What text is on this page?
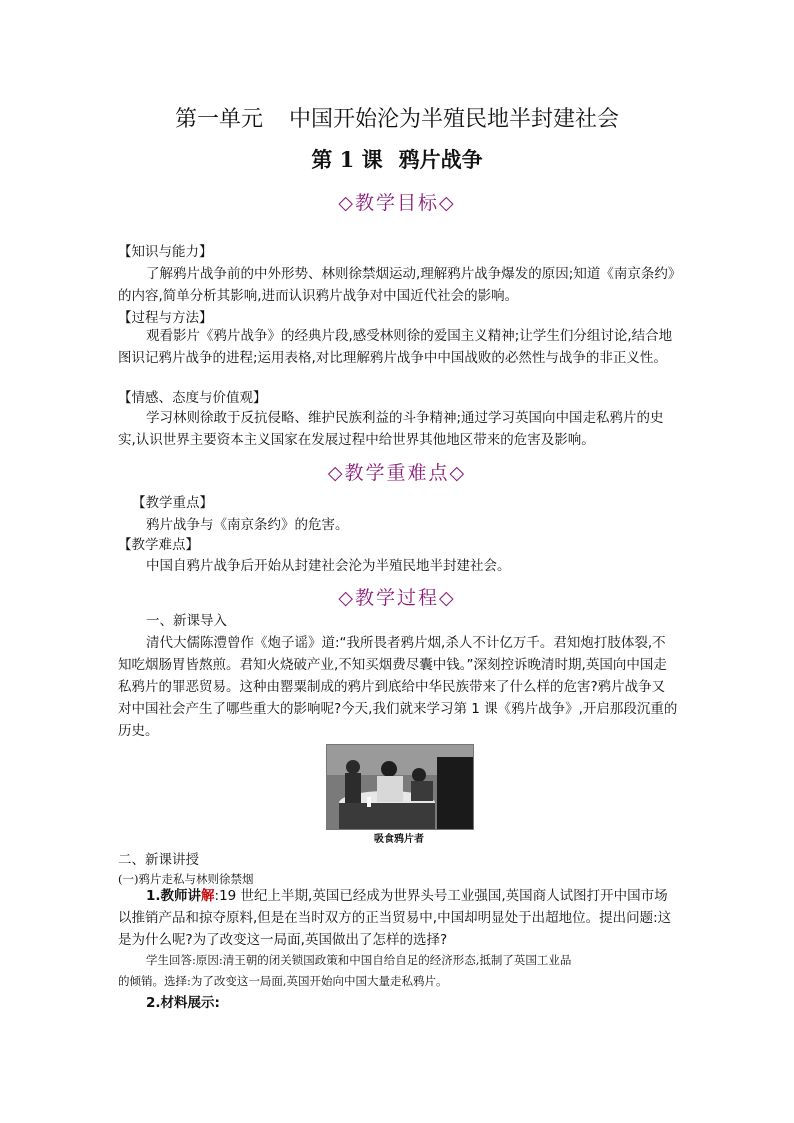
第一单元 中国开始沦为半殖民地半封建社会
第 1 课 鸦片战争
◇教学目标◇
【知识与能力】
了解鸦片战争前的中外形势、林则徐禁烟运动,理解鸦片战争爆发的原因;知道《南京条约》的内容,简单分析其影响,进而认识鸦片战争对中国近代社会的影响。
【过程与方法】
观看影片《鸦片战争》的经典片段,感受林则徐的爱国主义精神;让学生们分组讨论,结合地图识记鸦片战争的进程;运用表格,对比理解鸦片战争中中国战败的必然性与战争的非正义性。
【情感、态度与价值观】
学习林则徐敢于反抗侵略、维护民族利益的斗争精神;通过学习英国向中国走私鸦片的史实,认识世界主要资本主义国家在发展过程中给世界其他地区带来的危害及影响。
◇教学重难点◇
【教学重点】
鸦片战争与《南京条约》的危害。
【教学难点】
中国自鸦片战争后开始从封建社会沦为半殖民地半封建社会。
◇教学过程◇
一、新课导入
清代大儒陈澧曾作《炮子谣》道:“我所畏者鸦片烟,杀人不计亿万千。君知炮打肢体裂,不知吃烟肠胃皆熬煎。君知火烧破产业,不知买烟费尽囊中钱。”深刻控诉晚清时期,英国向中国走私鸦片的罪恶贸易。这种由罂粟制成的鸦片到底给中华民族带来了什么样的危害?鸦片战争又对中国社会产生了哪些重大的影响呢?今天,我们就来学习第 1 课《鸦片战争》,开启那段沉重的历史。
吸食鸦片者
二、新课讲授
(一)鸦片走私与林则徐禁烟
1.教师讲解:19 世纪上半期,英国已经成为世界头号工业强国,英国商人试图打开中国市场以推销产品和掠夺原料,但是在当时双方的正当贸易中,中国却明显处于出超地位。提出问题:这是为什么呢?为了改变这一局面,英国做出了怎样的选择?
学生回答:原因:清王朝的闭关锁国政策和中国自给自足的经济形态,抵制了英国工业品
的倾销。选择:为了改变这一局面,英国开始向中国大量走私鸦片。
2.材料展示:
